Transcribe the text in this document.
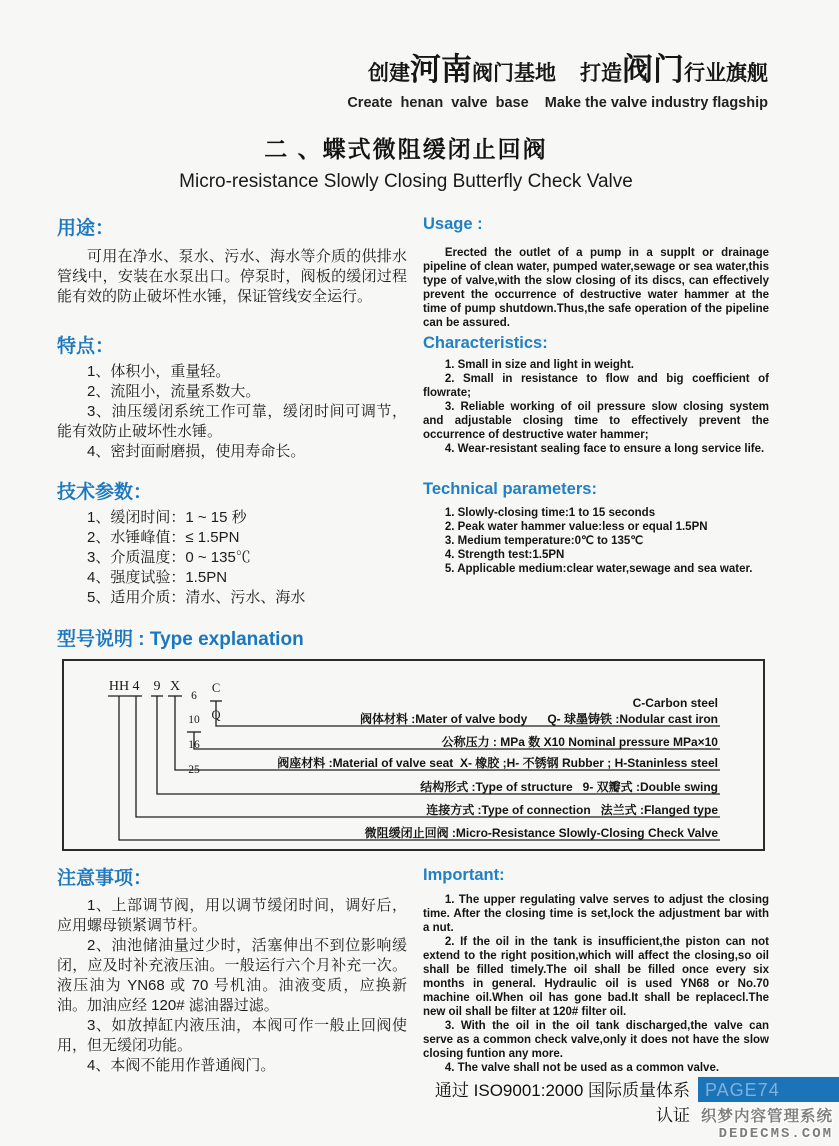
创建河南阀门基地 打造阀门行业旗舰
Create  henan  valve  base    Make the valve industry flagship
二 、蝶式微阻缓闭止回阀
Micro-resistance Slowly Closing Butterfly Check Valve
用途：

可用在净水、泵水、污水、海水等介质的供排水管线中，安装在水泵出口。停泵时，阀板的缓闭过程能有效的防止破坏性水锤，保证管线安全运行。

特点：

1、体积小，重量轻。

2、流阻小，流量系数大。

3、油压缓闭系统工作可靠，缓闭时间可调节，能有效防止破坏性水锤。

4、密封面耐磨损，使用寿命长。

技术参数：

1、缓闭时间：1 ~ 15 秒

2、水锤峰值：≤ 1.5PN

3、介质温度：0 ~ 135℃

4、强度试验：1.5PN

5、适用介质：清水、污水、海水

Usage :

Erected the outlet of a pump in a supplt or drainage pipeline of clean water, pumped water,sewage or sea water,this type of valve,with the slow closing of its discs, can effectively prevent the occurrence of destructive water hammer at the time of pump shutdown.Thus,the safe operation of the pipeline can be assured.

Characteristics:

1. Small in size and light in weight.

2. Small in resistance to flow and big coefficient of flowrate;

3. Reliable working of oil pressure slow closing system and adjustable closing time to effectively prevent the occurrence of destructive water hammer;

4. Wear-resistant sealing face to ensure a long service life.

Technical parameters:

1. Slowly-closing time:1 to 15 seconds

2. Peak water hammer value:less or equal 1.5PN

3. Medium temperature:0℃ to 135℃

4. Strength test:1.5PN

5. Applicable medium:clear water,sewage and sea water.

型号说明 : Type explanation
HH 4	9 X

6

10

16

25

C

Q

C-Carbon steel
阀体材料 :Mater of valve body      Q- 球墨铸铁 :Nodular cast iron
公称压力 : MPa 数 X10 Nominal pressure MPa×10
阀座材料 :Material of valve seat  X- 橡胶 ;H- 不锈钢 Rubber ; H-Staninless steel
结构形式 :Type of structure   9- 双瓣式 :Double swing
连接方式 :Type of connection   法兰式 :Flanged type
微阻缓闭止回阀 :Micro-Resistance Slowly-Closing Check Valve
注意事项：

1、上部调节阀，用以调节缓闭时间，调好后，应用螺母锁紧调节杆。

2、油池储油量过少时，活塞伸出不到位影响缓闭，应及时补充液压油。一般运行六个月补充一次。液压油为 YN68 或 70 号机油。油液变质，应换新油。加油应经 120# 滤油器过滤。

3、如放掉缸内液压油，本阀可作一般止回阀使用，但无缓闭功能。

4、本阀不能用作普通阀门。

Important:

1. The upper regulating valve serves to adjust the closing time. After the closing time is set,lock the adjustment bar with a nut.

2. If the oil in the tank is insufficient,the piston can not extend to the right position,which will affect the closing,so oil shall be filled timely.The oil shall be filled once every six months in general. Hydraulic oil is used YN68 or No.70 machine oil.When oil has gone bad.It shall be replacecl.The new oil shall be filter at 120# filter oil.

3. With the oil in the oil tank discharged,the valve can serve as a common check valve,only it does not have the slow closing funtion any more.

4. The valve shall not be used as a common valve.

通过 ISO9001:2000 国际质量体系认证
PAGE74
织梦内容管理系统
DEDECMS.COM
